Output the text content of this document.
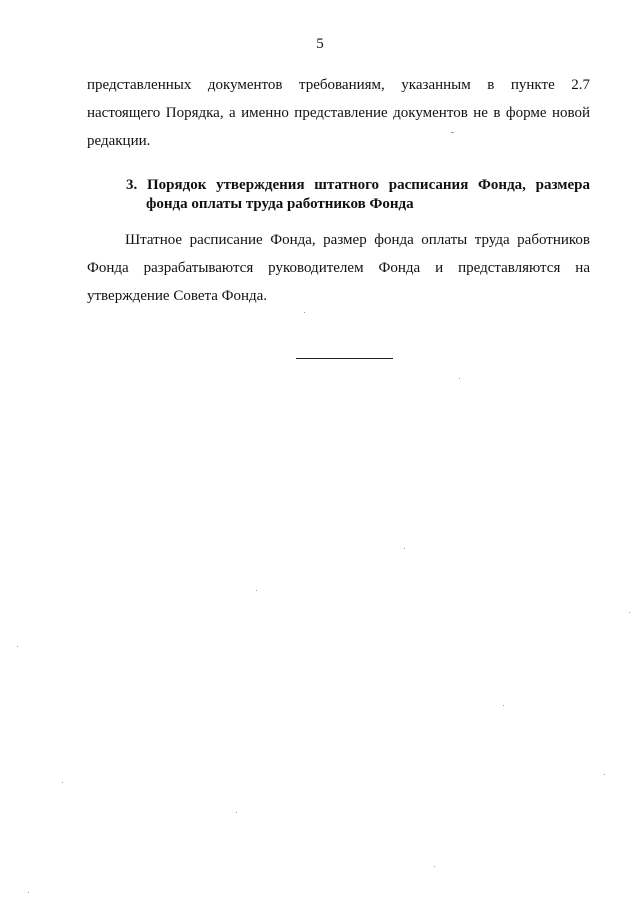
5
представленных документов требованиям, указанным в пункте 2.7
настоящего Порядка, а именно представление документов не в форме новой
редакции.
3. Порядок утверждения штатного расписания Фонда, размера
фонда оплаты труда работников Фонда
Штатное расписание Фонда, размер фонда оплаты труда работников
Фонда разрабатываются руководителем Фонда и представляются на
утверждение Совета Фонда.
